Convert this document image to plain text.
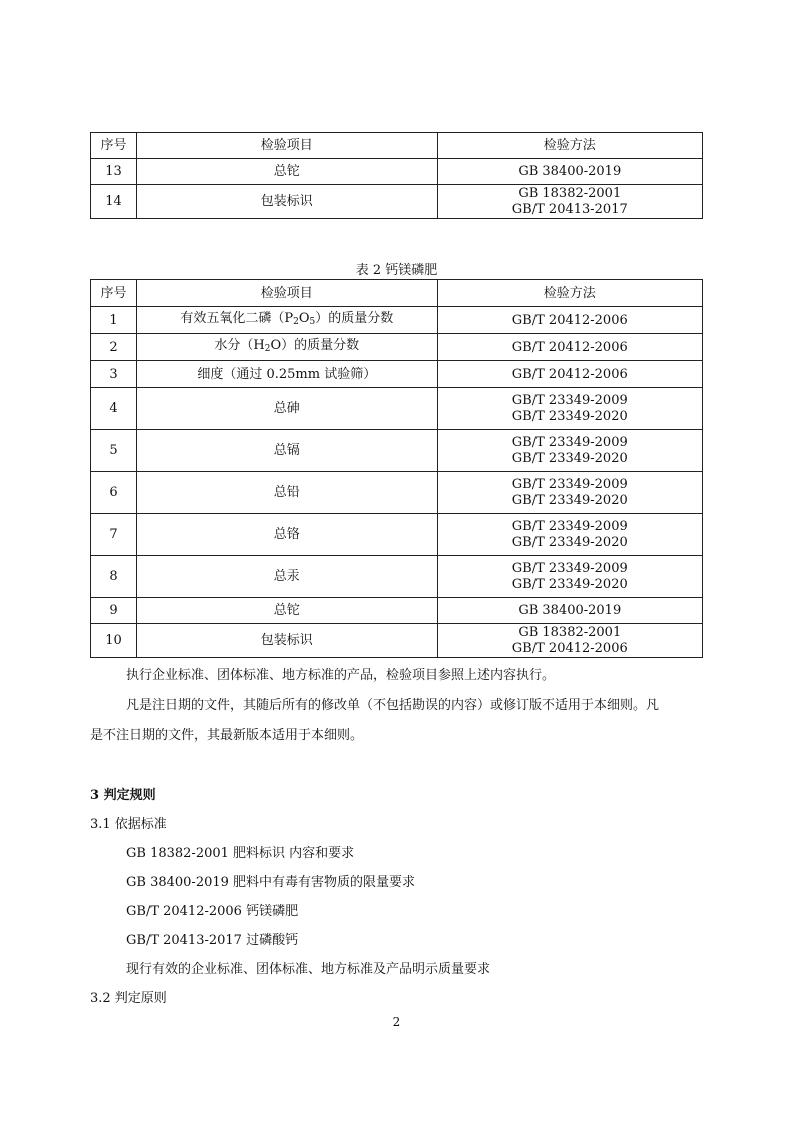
序号	检验项目	检验方法
13	总铊	GB 38400-2019
14	包装标识	GB 18382-2001
GB/T 20413-2017
表 2 钙镁磷肥
序号	检验项目	检验方法
1	有效五氧化二磷$(P_2O_5)$的质量分数	GB/T 20412-2006
2	水分$(H_2O)$的质量分数	GB/T 20412-2006
3	细度（通过 0.25mm 试验筛）	GB/T 20412-2006
4	总砷	GB/T 23349-2009
GB/T 23349-2020

5	总镉	GB/T 23349-2009
GB/T 23349-2020

6	总铅	GB/T 23349-2009
GB/T 23349-2020

7	总铬	GB/T 23349-2009
GB/T 23349-2020

8	总汞	GB/T 23349-2009
GB/T 23349-2020

9	总铊	GB 38400-2019
10	包装标识	GB 18382-2001
GB/T 20412-2006
执行企业标准、团体标准、地方标准的产品，检验项目参照上述内容执行。
凡是注日期的文件，其随后所有的修改单（不包括勘误的内容）或修订版不适用于本细则。凡
是不注日期的文件，其最新版本适用于本细则。
3 判定规则
3.1 依据标准
GB 18382-2001 肥料标识 内容和要求
GB 38400-2019 肥料中有毒有害物质的限量要求
GB/T 20412-2006 钙镁磷肥
GB/T 20413-2017 过磷酸钙
现行有效的企业标准、团体标准、地方标准及产品明示质量要求
3.2 判定原则
2
